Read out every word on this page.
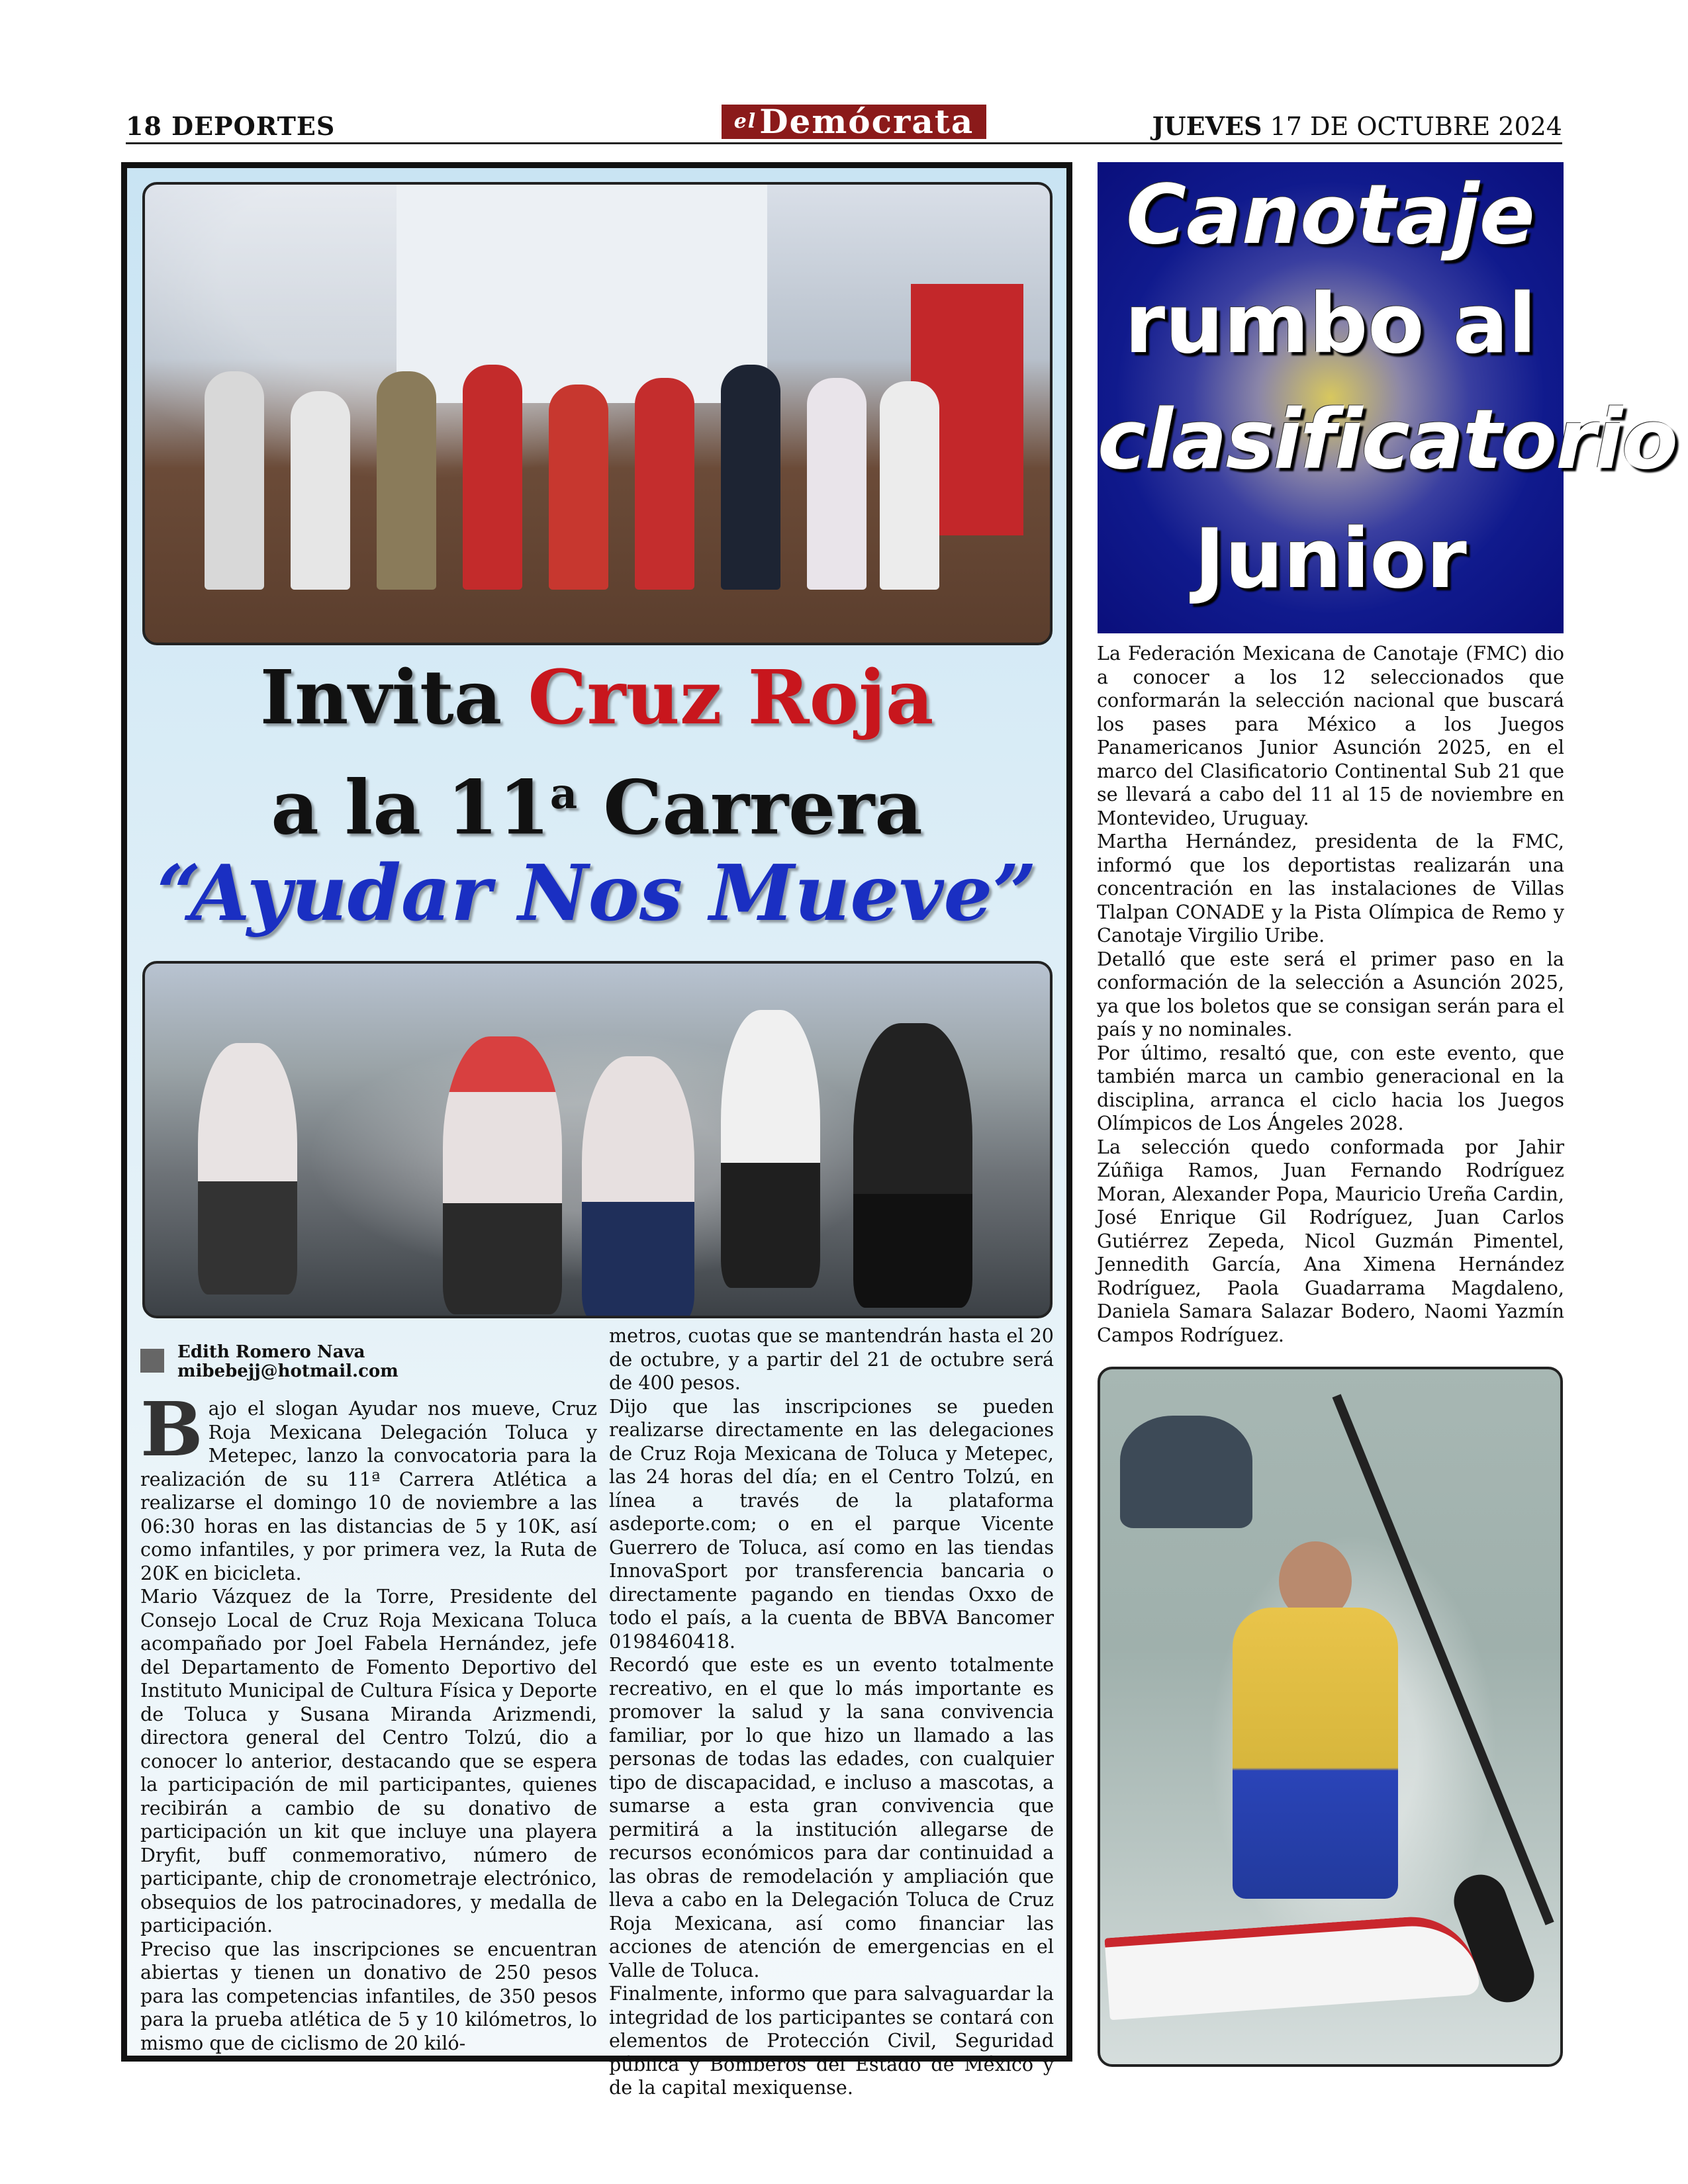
18 DEPORTES	$^{el}$Demócrata	JUEVES 17 DE OCTUBRE 2024
Invita Cruz Roja
a la 11$^a$ Carrera
“Ayudar Nos Mueve”
Edith Romero Nava
mibebejj@hotmail.com

Bajo el slogan Ayudar nos mueve, Cruz Roja Mexicana Delegación Toluca y Metepec, lanzo la convocatoria para la realización de su 11ª Carrera Atlética a realizarse el domingo 10 de noviembre a las 06:30 horas en las distancias de 5 y 10K, así como infantiles, y por primera vez, la Ruta de 20K en bicicleta.

Mario Vázquez de la Torre, Presidente del Consejo Local de Cruz Roja Mexicana Toluca acompañado por Joel Fabela Hernández, jefe del Departamento de Fomento Deportivo del Instituto Municipal de Cultura Física y Deporte de Toluca y Susana Miranda Arizmendi, directora general del Centro Tolzú, dio a conocer lo anterior, destacando que se espera la participación de mil participantes, quienes recibirán a cambio de su donativo de participación un kit que incluye una playera Dryfit, buff conmemorativo, número de participante, chip de cronometraje electrónico, obsequios de los patrocinadores, y medalla de participación.

Preciso que las inscripciones se encuentran abiertas y tienen un donativo de 250 pesos para las competencias infantiles, de 350 pesos para la prueba atlética de 5 y 10 kilómetros, lo mismo que de ciclismo de 20 kiló-

metros, cuotas que se mantendrán hasta el 20 de octubre, y a partir del 21 de octubre será de 400 pesos.

Dijo que las inscripciones se pueden realizarse directamente en las delegaciones de Cruz Roja Mexicana de Toluca y Metepec, las 24 horas del día; en el Centro Tolzú, en línea a través de la plataforma asdeporte.com; o en el parque Vicente Guerrero de Toluca, así como en las tiendas InnovaSport por transferencia bancaria o directamente pagando en tiendas Oxxo de todo el país, a la cuenta de BBVA Bancomer 0198460418.

Recordó que este es un evento totalmente recreativo, en el que lo más importante es promover la salud y la sana convivencia familiar, por lo que hizo un llamado a las personas de todas las edades, con cualquier tipo de discapacidad, e incluso a mascotas, a sumarse a esta gran convivencia que permitirá a la institución allegarse de recursos económicos para dar continuidad a las obras de remodelación y ampliación que lleva a cabo en la Delegación Toluca de Cruz Roja Mexicana, así como financiar las acciones de atención de emergencias en el Valle de Toluca.

Finalmente, informo que para salvaguardar la integridad de los participantes se contará con elementos de Protección Civil, Seguridad pública y Bomberos del Estado de México y de la capital mexiquense.

Canotaje
rumbo al
clasificatorio
Junior

La Federación Mexicana de Canotaje (FMC) dio a conocer a los 12 seleccionados que conformarán la selección nacional que buscará los pases para México a los Juegos Panamericanos Junior Asunción 2025, en el marco del Clasificatorio Continental Sub 21 que se llevará a cabo del 11 al 15 de noviembre en Montevideo, Uruguay.

Martha Hernández, presidenta de la FMC, informó que los deportistas realizarán una concentración en las instalaciones de Villas Tlalpan CONADE y la Pista Olímpica de Remo y Canotaje Virgilio Uribe.

Detalló que este será el primer paso en la conformación de la selección a Asunción 2025, ya que los boletos que se consigan serán para el país y no nominales.

Por último, resaltó que, con este evento, que también marca un cambio generacional en la disciplina, arranca el ciclo hacia los Juegos Olímpicos de Los Ángeles 2028.

La selección quedo conformada por Jahir Zúñiga Ramos, Juan Fernando Rodríguez Moran, Alexander Popa, Mauricio Ureña Cardin, José Enrique Gil Rodríguez, Juan Carlos Gutiérrez Zepeda, Nicol Guzmán Pimentel, Jennedith García, Ana Ximena Hernández Rodríguez, Paola Guadarrama Magdaleno, Daniela Samara Salazar Bodero, Naomi Yazmín Campos Rodríguez.
